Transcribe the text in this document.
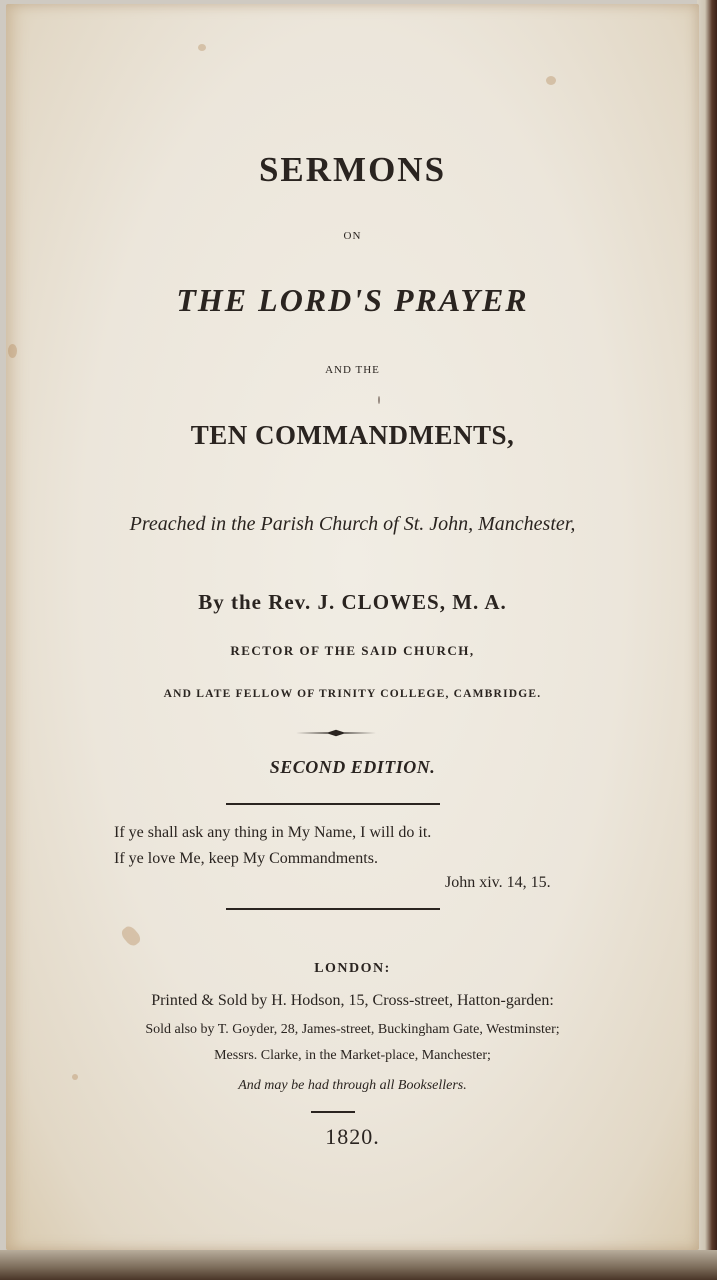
SERMONS
ON
THE LORD'S PRAYER
AND THE
TEN COMMANDMENTS,
Preached in the Parish Church of St. John, Manchester,
By the Rev. J. CLOWES, M. A.
RECTOR OF THE SAID CHURCH,
AND LATE FELLOW OF TRINITY COLLEGE, CAMBRIDGE.
SECOND EDITION.
If ye shall ask any thing in My Name, I will do it.
If ye love Me, keep My Commandments.
John xiv. 14, 15.
LONDON:
Printed & Sold by H. Hodson, 15, Cross-street, Hatton-garden:
Sold also by T. Goyder, 28, James-street, Buckingham Gate, Westminster;
Messrs. Clarke, in the Market-place, Manchester;
And may be had through all Booksellers.
1820.
